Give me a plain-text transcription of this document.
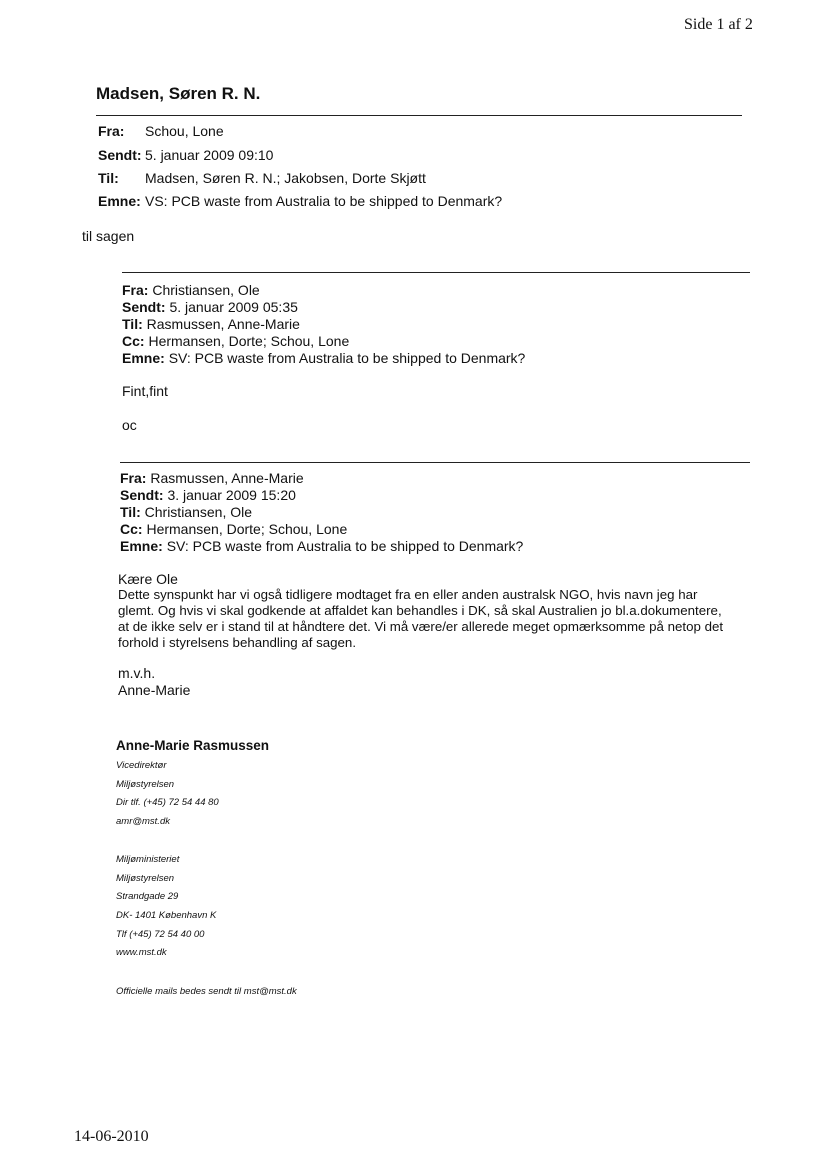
Side 1 af 2
Madsen, Søren R. N.
Fra: Schou, Lone
Sendt: 5. januar 2009 09:10
Til: Madsen, Søren R. N.; Jakobsen, Dorte Skjøtt
Emne: VS: PCB waste from Australia to be shipped to Denmark?
til sagen
Fra: Christiansen, Ole
Sendt: 5. januar 2009 05:35
Til: Rasmussen, Anne-Marie
Cc: Hermansen, Dorte; Schou, Lone
Emne: SV: PCB waste from Australia to be shipped to Denmark?
Fint,fint
oc
Fra: Rasmussen, Anne-Marie
Sendt: 3. januar 2009 15:20
Til: Christiansen, Ole
Cc: Hermansen, Dorte; Schou, Lone
Emne: SV: PCB waste from Australia to be shipped to Denmark?
Kære Ole
Dette synspunkt har vi også tidligere modtaget fra en eller anden australsk NGO, hvis navn jeg har
glemt. Og hvis vi skal godkende at affaldet kan behandles i DK, så skal Australien jo bl.a.dokumentere,
at de ikke selv er i stand til at håndtere det. Vi må være/er allerede meget opmærksomme på netop det
forhold i styrelsens behandling af sagen.
m.v.h.
Anne-Marie
Anne-Marie Rasmussen
Vicedirektør
Miljøstyrelsen
Dir tlf. (+45) 72 54 44 80
amr@mst.dk
Miljøministeriet
Miljøstyrelsen
Strandgade 29
DK- 1401 København K
Tlf (+45) 72 54 40 00
www.mst.dk
Officielle mails bedes sendt til mst@mst.dk
14-06-2010
